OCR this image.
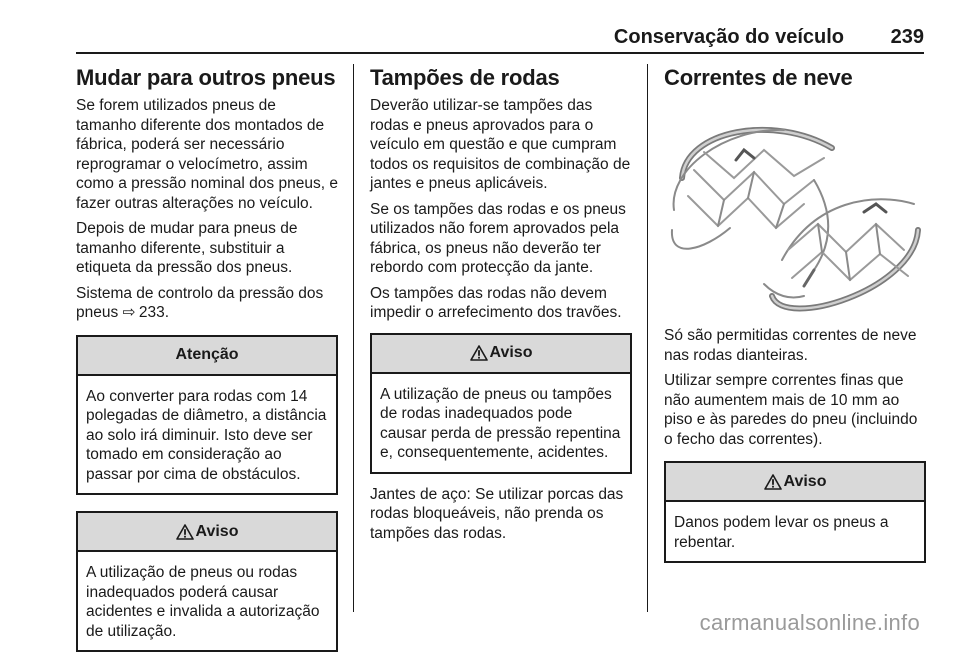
Conservação do veículo 239
Mudar para outros pneus

Se forem utilizados pneus de tamanho diferente dos montados de fábrica, poderá ser necessário reprogramar o velocímetro, assim como a pressão nominal dos pneus, e fazer outras alterações no veículo.

Depois de mudar para pneus de tamanho diferente, substituir a etiqueta da pressão dos pneus.

Sistema de controlo da pressão dos pneus ⇨ 233.

Atenção
Ao converter para rodas com 14 polegadas de diâmetro, a distância ao solo irá diminuir. Isto deve ser tomado em consideração ao passar por cima de obstáculos.
Aviso
A utilização de pneus ou rodas inadequados poderá causar acidentes e invalida a autorização de utilização.
Tampões de rodas

Deverão utilizar-se tampões das rodas e pneus aprovados para o veículo em questão e que cumpram todos os requisitos de combinação de jantes e pneus aplicáveis.

Se os tampões das rodas e os pneus utilizados não forem aprovados pela fábrica, os pneus não deverão ter rebordo com protecção da jante.

Os tampões das rodas não devem impedir o arrefecimento dos travões.

Aviso
A utilização de pneus ou tampões de rodas inadequados pode causar perda de pressão repentina e, consequentemente, acidentes.

Jantes de aço: Se utilizar porcas das rodas bloqueáveis, não prenda os tampões das rodas.

Correntes de neve

Só são permitidas correntes de neve nas rodas dianteiras.

Utilizar sempre correntes finas que não aumentem mais de 10 mm ao piso e às paredes do pneu (incluindo o fecho das correntes).

Aviso
Danos podem levar os pneus a rebentar.
carmanualsonline.info
